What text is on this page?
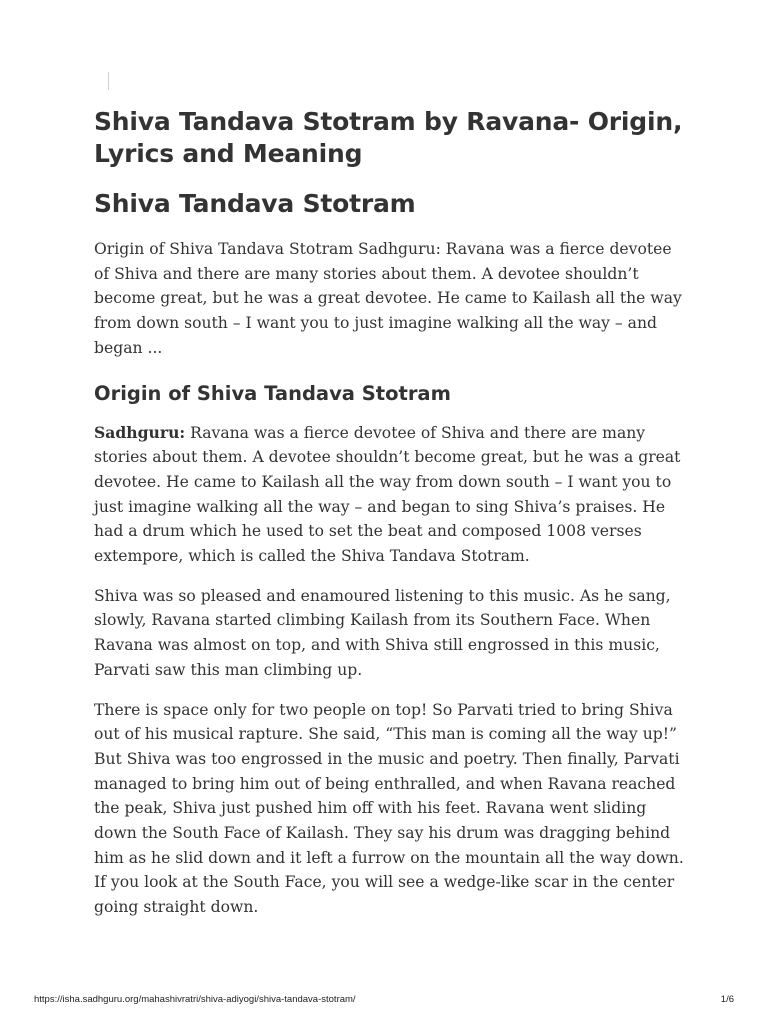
Shiva Tandava Stotram by Ravana- Origin, Lyrics and Meaning
Shiva Tandava Stotram

Origin of Shiva Tandava Stotram Sadhguru: Ravana was a fierce devotee of Shiva and there are many stories about them. A devotee shouldn’t become great, but he was a great devotee. He came to Kailash all the way from down south – I want you to just imagine walking all the way – and began ...

Origin of Shiva Tandava Stotram

Sadhguru: Ravana was a fierce devotee of Shiva and there are many stories about them. A devotee shouldn’t become great, but he was a great devotee. He came to Kailash all the way from down south – I want you to just imagine walking all the way – and began to sing Shiva’s praises. He had a drum which he used to set the beat and composed 1008 verses extempore, which is called the Shiva Tandava Stotram.

Shiva was so pleased and enamoured listening to this music. As he sang, slowly, Ravana started climbing Kailash from its Southern Face. When Ravana was almost on top, and with Shiva still engrossed in this music, Parvati saw this man climbing up.

There is space only for two people on top! So Parvati tried to bring Shiva out of his musical rapture. She said, “This man is coming all the way up!” But Shiva was too engrossed in the music and poetry. Then finally, Parvati managed to bring him out of being enthralled, and when Ravana reached the peak, Shiva just pushed him off with his feet. Ravana went sliding down the South Face of Kailash. They say his drum was dragging behind him as he slid down and it left a furrow on the mountain all the way down. If you look at the South Face, you will see a wedge-like scar in the center going straight down.

https://isha.sadhguru.org/mahashivratri/shiva-adiyogi/shiva-tandava-stotram/	1/6
